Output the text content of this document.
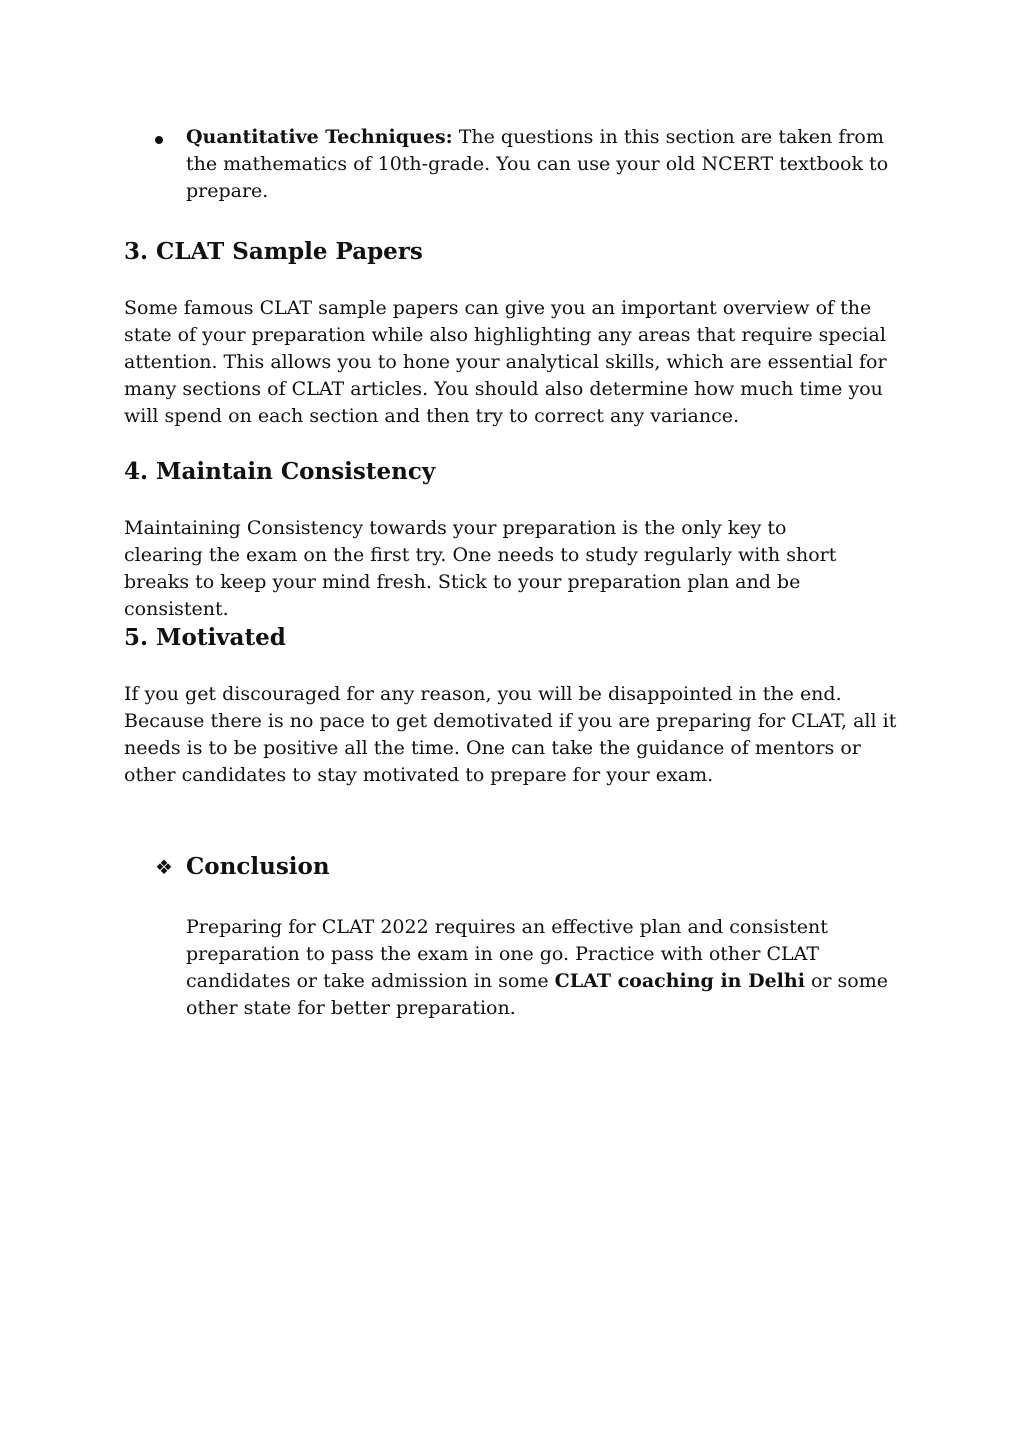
Quantitative Techniques: The questions in this section are taken from the mathematics of 10th-grade. You can use your old NCERT textbook to prepare.

3. CLAT Sample Papers

Some famous CLAT sample papers can give you an important overview of the state of your preparation while also highlighting any areas that require special attention. This allows you to hone your analytical skills, which are essential for many sections of CLAT articles. You should also determine how much time you will spend on each section and then try to correct any variance.

4. Maintain Consistency

Maintaining Consistency towards your preparation is the only key to clearing the exam on the first try. One needs to study regularly with short breaks to keep your mind fresh. Stick to your preparation plan and be consistent.

5. Motivated

If you get discouraged for any reason, you will be disappointed in the end. Because there is no pace to get demotivated if you are preparing for CLAT, all it needs is to be positive all the time. One can take the guidance of mentors or other candidates to stay motivated to prepare for your exam.

❖ Conclusion

Preparing for CLAT 2022 requires an effective plan and consistent preparation to pass the exam in one go. Practice with other CLAT candidates or take admission in some CLAT coaching in Delhi or some other state for better preparation.
